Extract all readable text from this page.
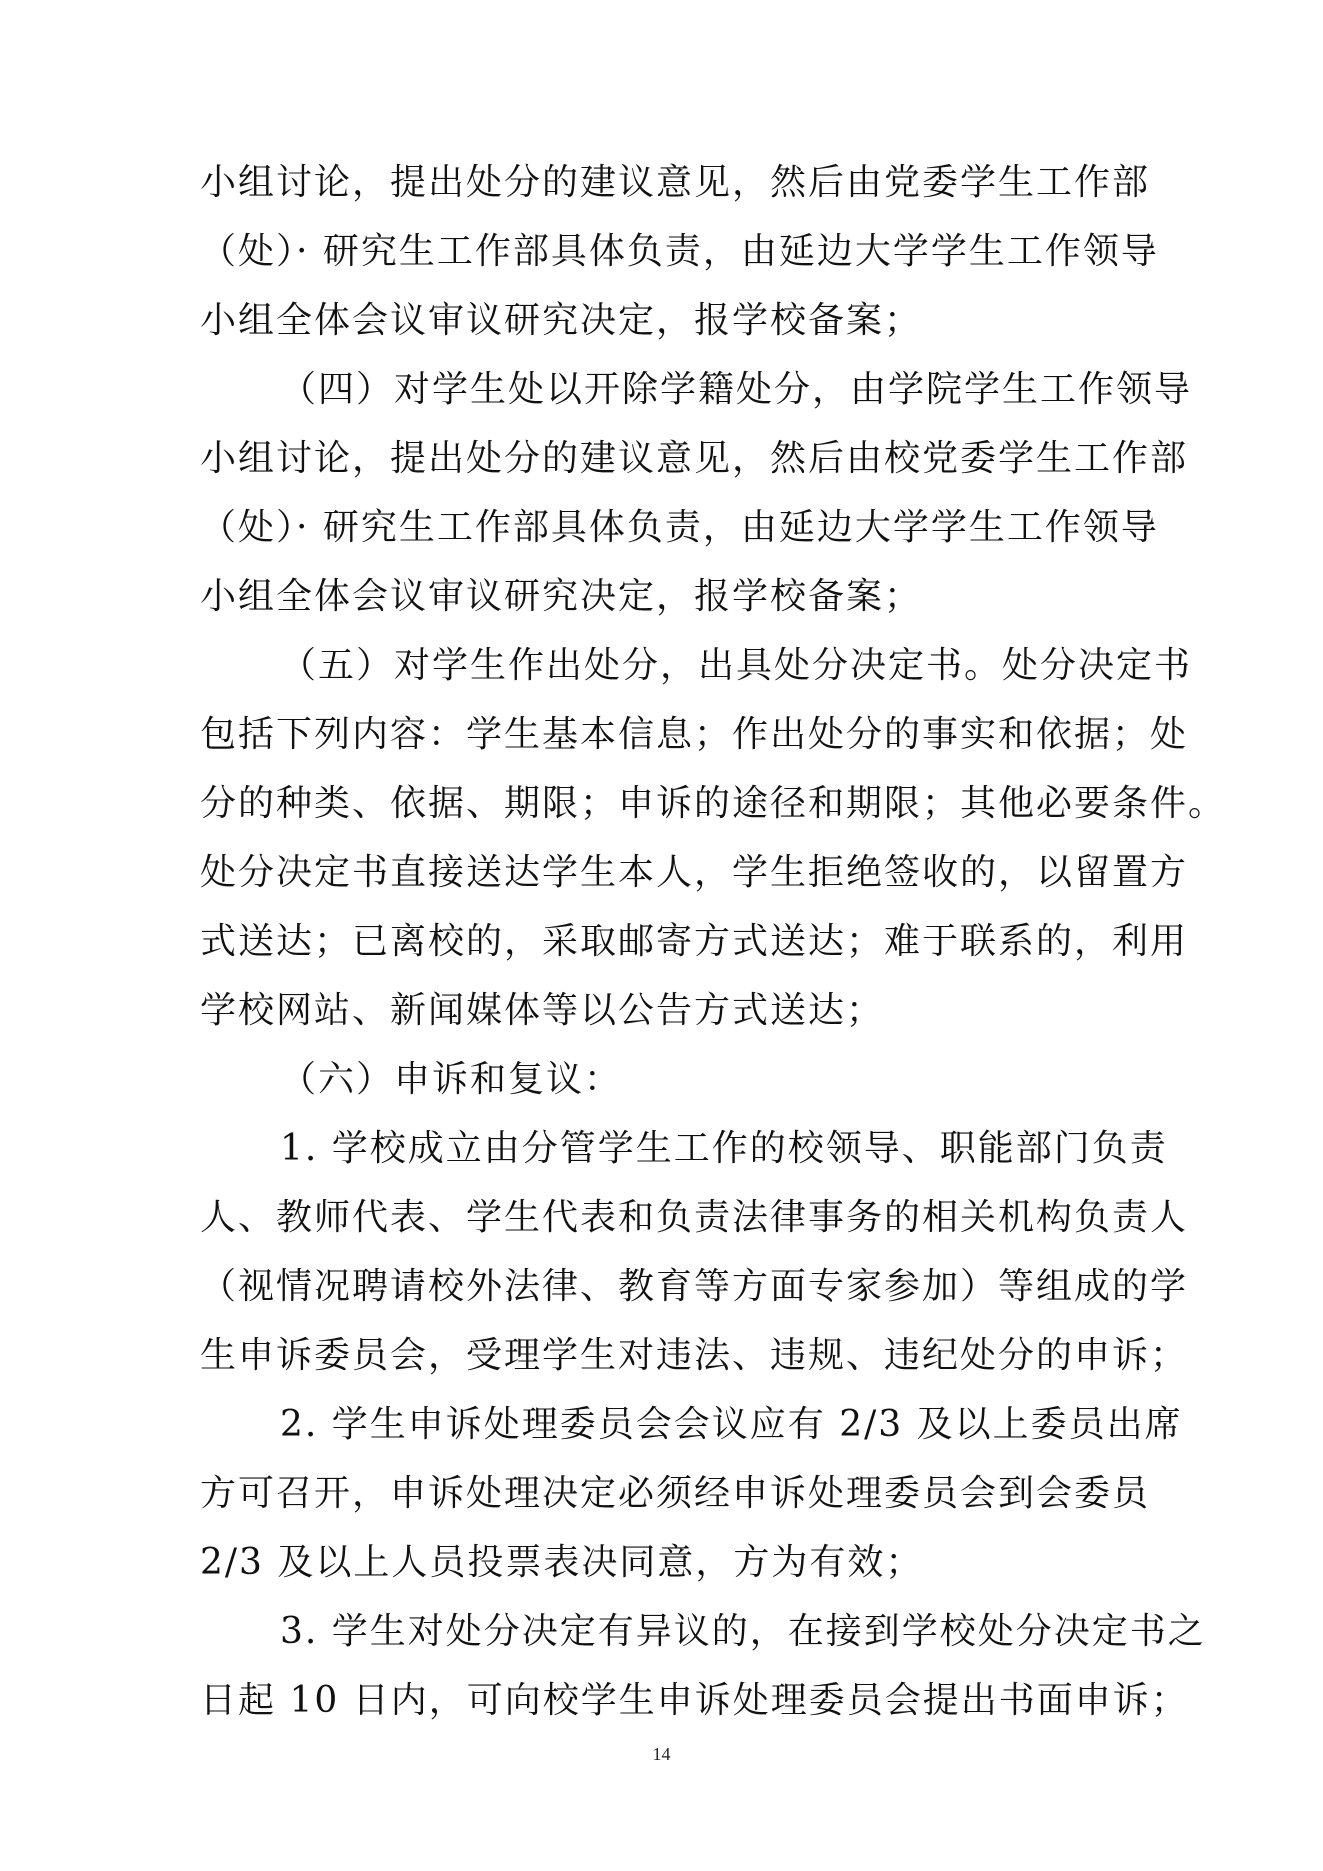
小组讨论，提出处分的建议意见，然后由党委学生工作部
（处）· 研究生工作部具体负责，由延边大学学生工作领导
小组全体会议审议研究决定，报学校备案；
（四）对学生处以开除学籍处分，由学院学生工作领导
小组讨论，提出处分的建议意见，然后由校党委学生工作部
（处）· 研究生工作部具体负责，由延边大学学生工作领导
小组全体会议审议研究决定，报学校备案；
（五）对学生作出处分，出具处分决定书。处分决定书
包括下列内容：学生基本信息；作出处分的事实和依据；处
分的种类、依据、期限；申诉的途径和期限；其他必要条件。
处分决定书直接送达学生本人，学生拒绝签收的，以留置方
式送达；已离校的，采取邮寄方式送达；难于联系的，利用
学校网站、新闻媒体等以公告方式送达；
（六）申诉和复议：
1. 学校成立由分管学生工作的校领导、职能部门负责
人、教师代表、学生代表和负责法律事务的相关机构负责人
（视情况聘请校外法律、教育等方面专家参加）等组成的学
生申诉委员会，受理学生对违法、违规、违纪处分的申诉；
2. 学生申诉处理委员会会议应有 2/3 及以上委员出席
方可召开，申诉处理决定必须经申诉处理委员会到会委员
2/3 及以上人员投票表决同意，方为有效；
3. 学生对处分决定有异议的，在接到学校处分决定书之
日起 10 日内，可向校学生申诉处理委员会提出书面申诉；
14
